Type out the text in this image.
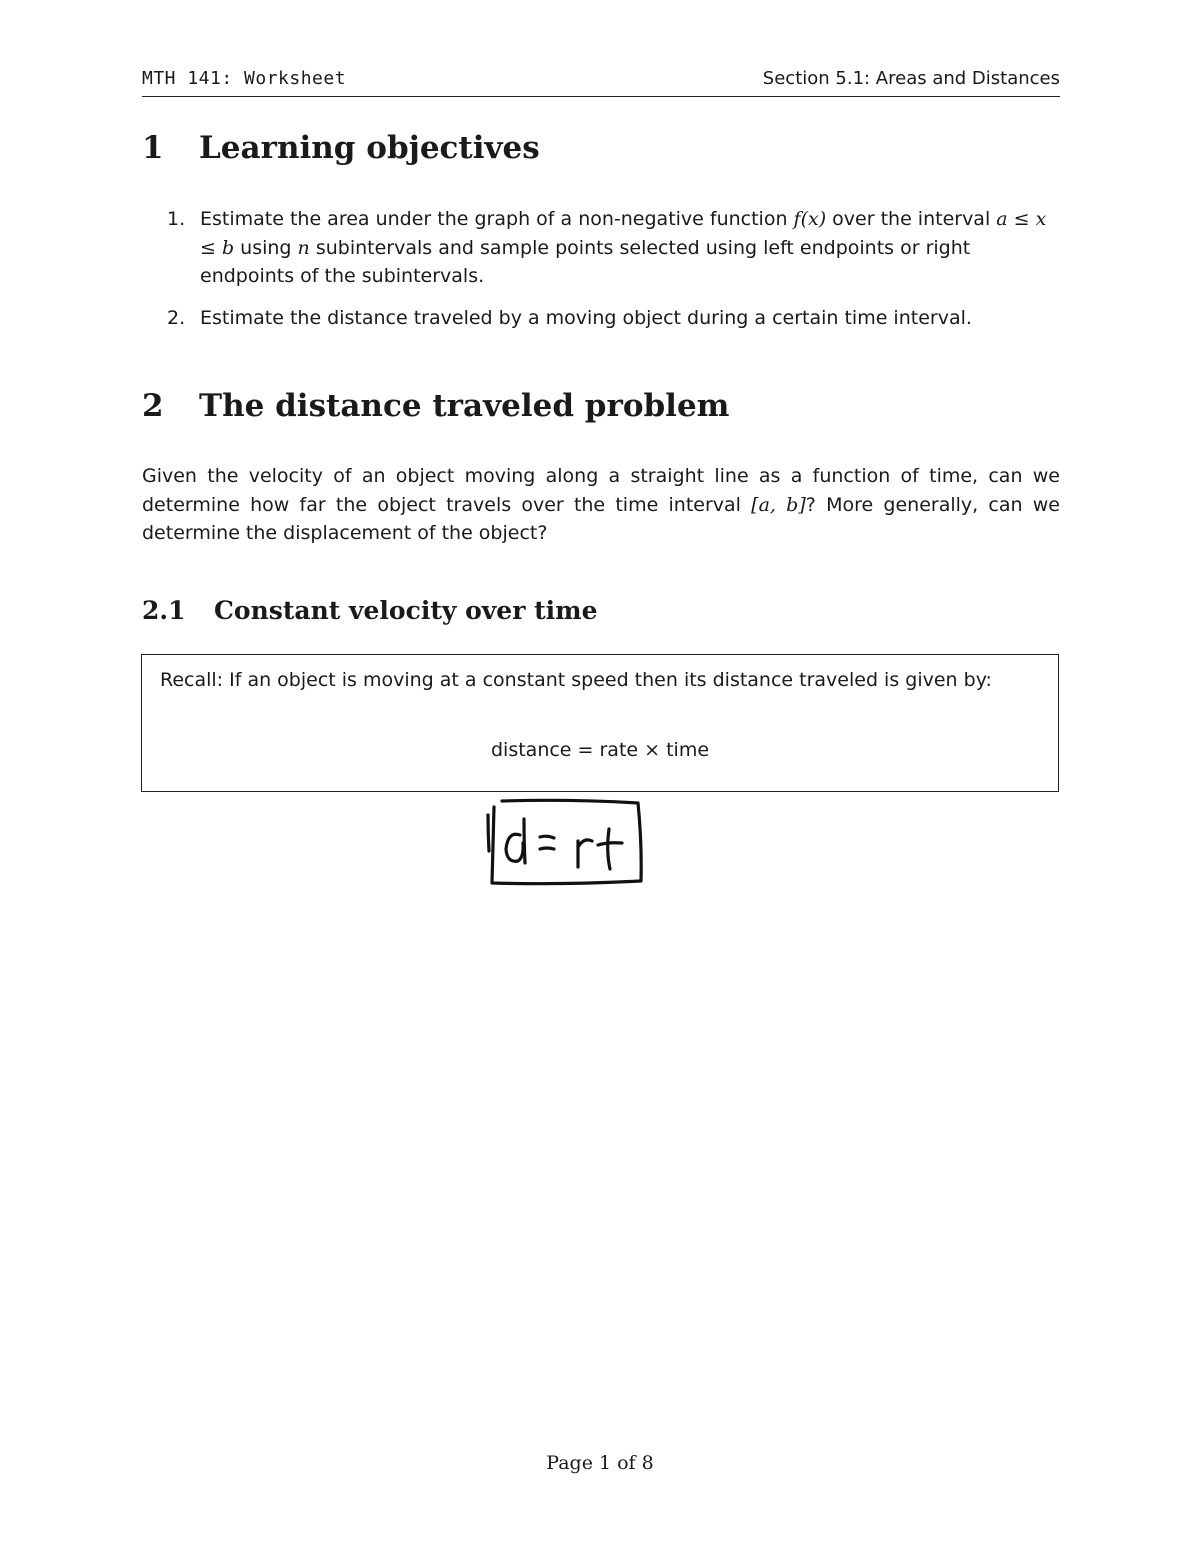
MTH 141: Worksheet	Section 5.1: Areas and Distances
1 Learning objectives
1. Estimate the area under the graph of a non-negative function f(x) over the interval a ≤ x ≤ b using n subintervals and sample points selected using left endpoints or right endpoints of the subintervals.
2. Estimate the distance traveled by a moving object during a certain time interval.
2 The distance traveled problem
Given the velocity of an object moving along a straight line as a function of time, can we determine how far the object travels over the time interval [a, b]? More generally, can we determine the displacement of the object?
2.1 Constant velocity over time
Recall: If an object is moving at a constant speed then its distance traveled is given by:
distance = rate × time
Page 1 of 8
